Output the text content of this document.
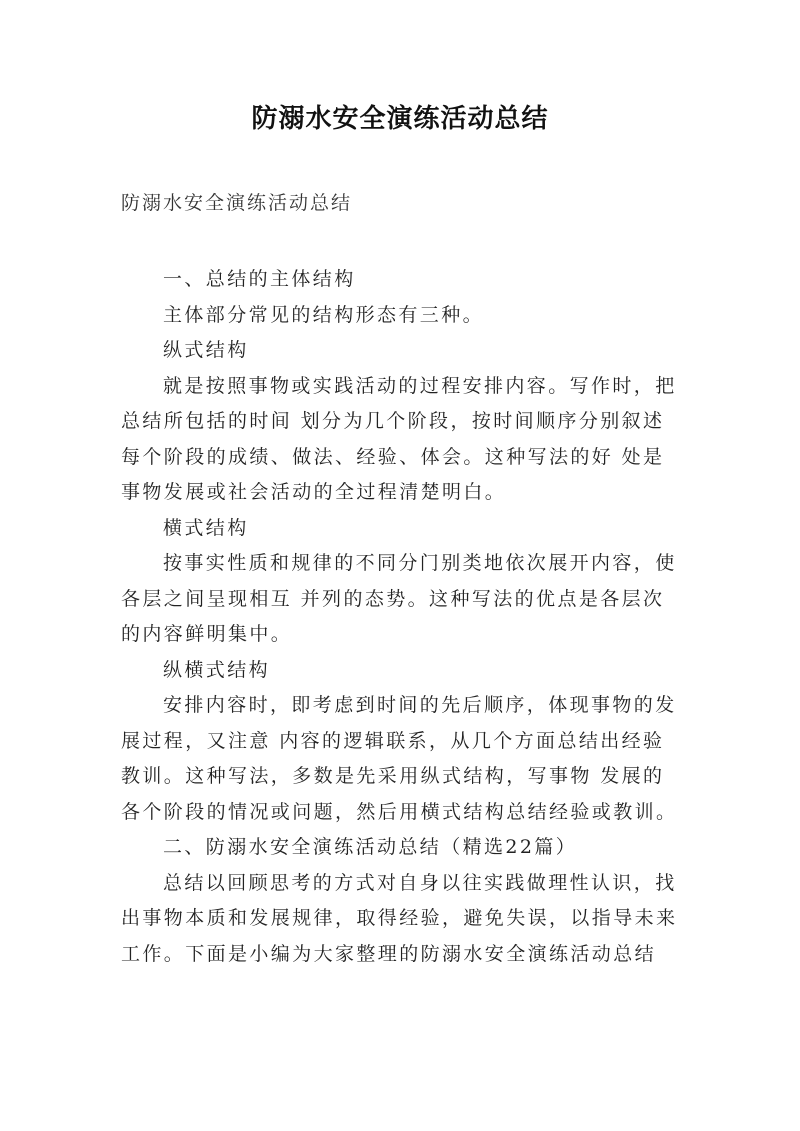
防溺水安全演练活动总结

防溺水安全演练活动总结

一、总结的主体结构
主体部分常见的结构形态有三种。
纵式结构
就是按照事物或实践活动的过程安排内容。写作时，把
总结所包括的时间 划分为几个阶段，按时间顺序分别叙述
每个阶段的成绩、做法、经验、体会。这种写法的好 处是
事物发展或社会活动的全过程清楚明白。
横式结构
按事实性质和规律的不同分门别类地依次展开内容，使
各层之间呈现相互 并列的态势。这种写法的优点是各层次
的内容鲜明集中。
纵横式结构
安排内容时，即考虑到时间的先后顺序，体现事物的发
展过程，又注意 内容的逻辑联系，从几个方面总结出经验
教训。这种写法，多数是先采用纵式结构，写事物 发展的
各个阶段的情况或问题，然后用横式结构总结经验或教训。
二、防溺水安全演练活动总结（精选22篇）
总结以回顾思考的方式对自身以往实践做理性认识，找
出事物本质和发展规律，取得经验，避免失误，以指导未来
工作。下面是小编为大家整理的防溺水安全演练活动总结
